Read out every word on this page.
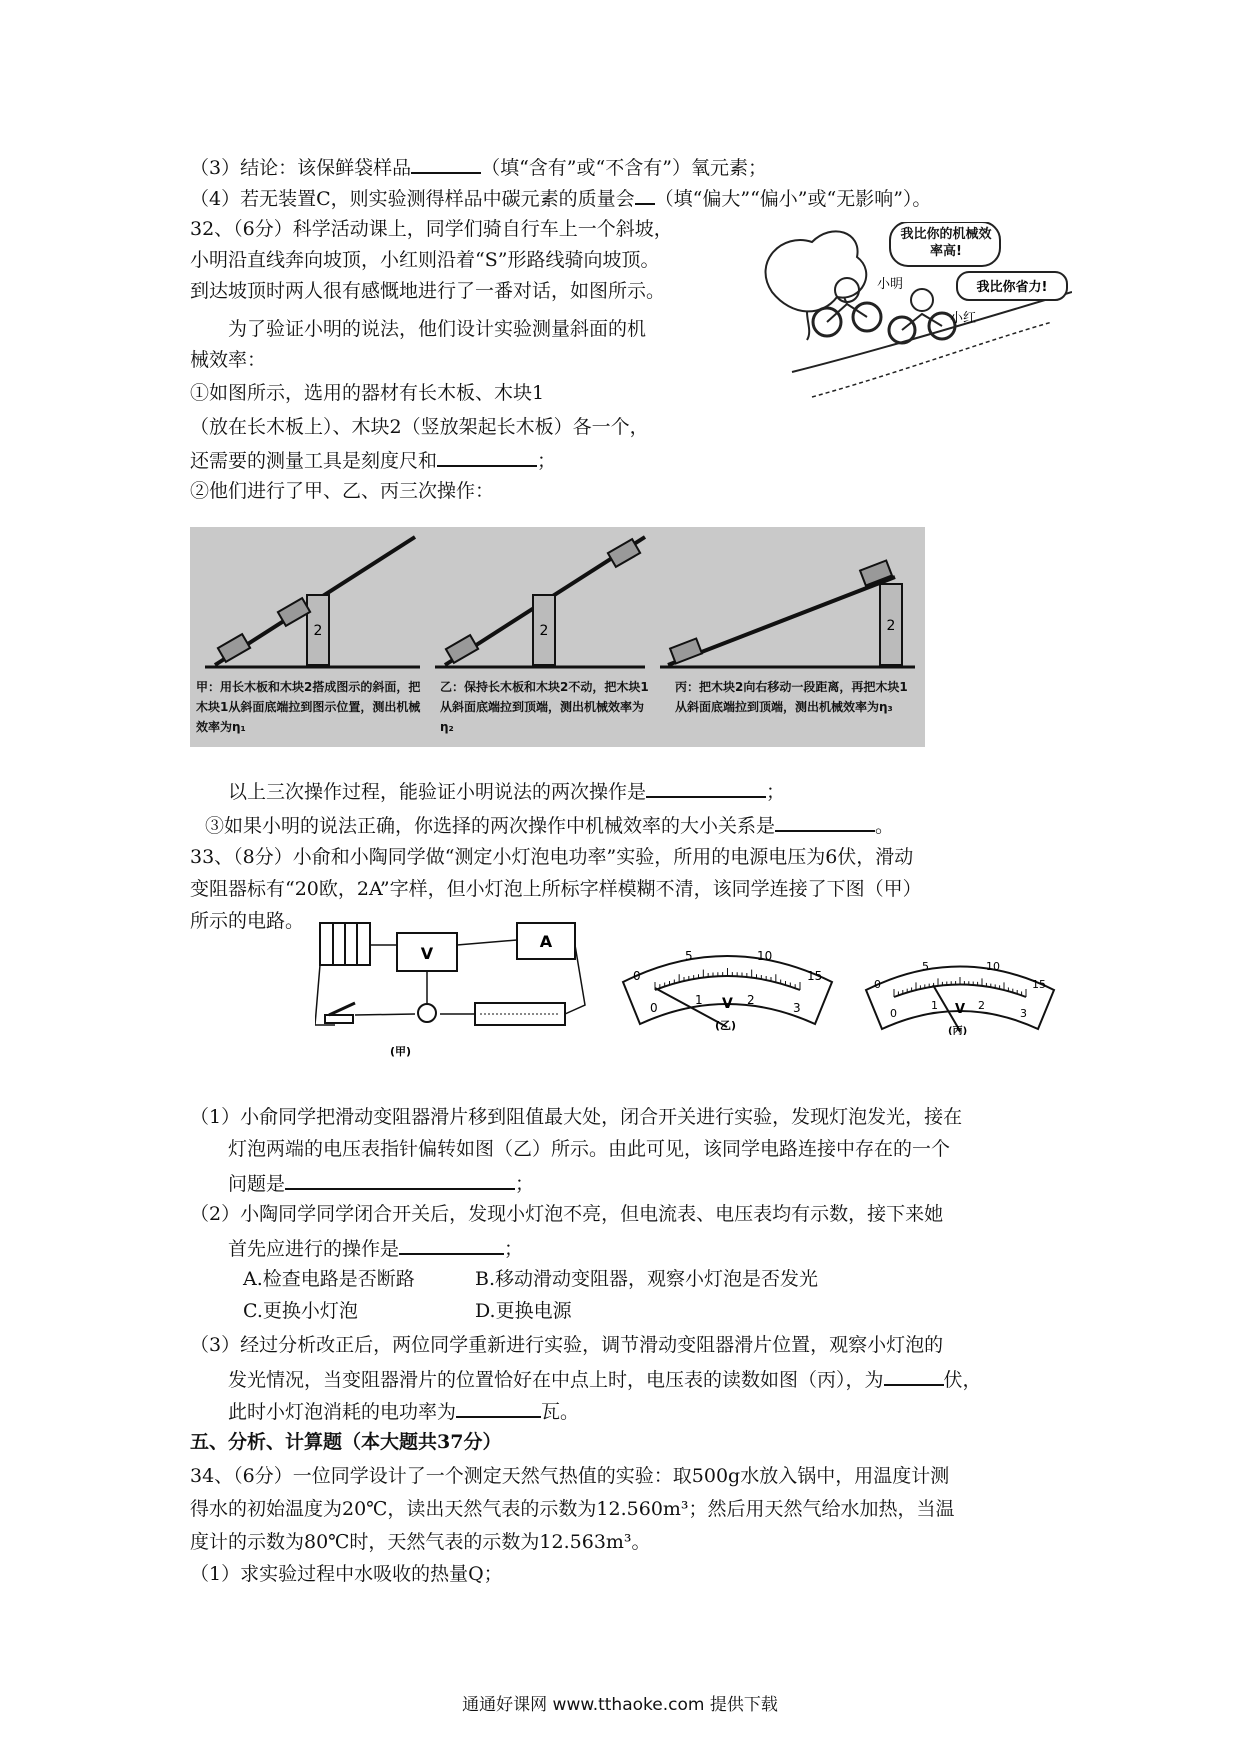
（3）结论：该保鲜袋样品	（填“含有”或“不含有”）氧元素；
（4）若无装置C，则实验测得样品中碳元素的质量会 （填“偏大”“偏小”或“无影响”）。
32、（6分）科学活动课上，同学们骑自行车上一个斜坡，
小明沿直线奔向坡顶，小红则沿着“S”形路线骑向坡顶。
到达坡顶时两人很有感慨地进行了一番对话，如图所示。
为了验证小明的说法，他们设计实验测量斜面的机
械效率：
①如图所示，选用的器材有长木板、木块1
（放在长木板上）、木块2（竖放架起长木板）各一个，
还需要的测量工具是刻度尺和	；
②他们进行了甲、乙、丙三次操作：
我比你的机械效率高!
我比你省力!
小明
小红
2	2	2
甲：用长木板和木块2搭成图示的斜面，把木块1从斜面底端拉到图示位置，测出机械效率为η₁
乙：保持长木板和木块2不动，把木块1从斜面底端拉到顶端，测出机械效率为η₂
丙：把木块2向右移动一段距离，再把木块1从斜面底端拉到顶端，测出机械效率为η₃
以上三次操作过程，能验证小明说法的两次操作是	；
③如果小明的说法正确，你选择的两次操作中机械效率的大小关系是	。
33、（8分）小俞和小陶同学做“测定小灯泡电功率”实验，所用的电源电压为6伏，滑动
变阻器标有“20欧，2A”字样，但小灯泡上所标字样模糊不清，该同学连接了下图（甲）
所示的电路。
V
A
(甲)
0
5	10
15
0
1 V 2
3
(乙)
0
5	10
15
0
1 V 2
3
(丙)
（1）小俞同学把滑动变阻器滑片移到阻值最大处，闭合开关进行实验，发现灯泡发光，接在
灯泡两端的电压表指针偏转如图（乙）所示。由此可见，该同学电路连接中存在的一个
问题是	；
（2）小陶同学同学闭合开关后，发现小灯泡不亮，但电流表、电压表均有示数，接下来她
首先应进行的操作是	；
A.检查电路是否断路	B.移动滑动变阻器，观察小灯泡是否发光
C.更换小灯泡	D.更换电源
（3）经过分析改正后，两位同学重新进行实验，调节滑动变阻器滑片位置，观察小灯泡的
发光情况，当变阻器滑片的位置恰好在中点上时，电压表的读数如图（丙），为	伏，
此时小灯泡消耗的电功率为	瓦。
五、分析、计算题（本大题共37分）
34、（6分）一位同学设计了一个测定天然气热值的实验：取500g水放入锅中，用温度计测
得水的初始温度为20℃，读出天然气表的示数为12.560m³；然后用天然气给水加热，当温
度计的示数为80℃时，天然气表的示数为12.563m³。
（1）求实验过程中水吸收的热量Q；
通通好课网 www.tthaoke.com 提供下载
